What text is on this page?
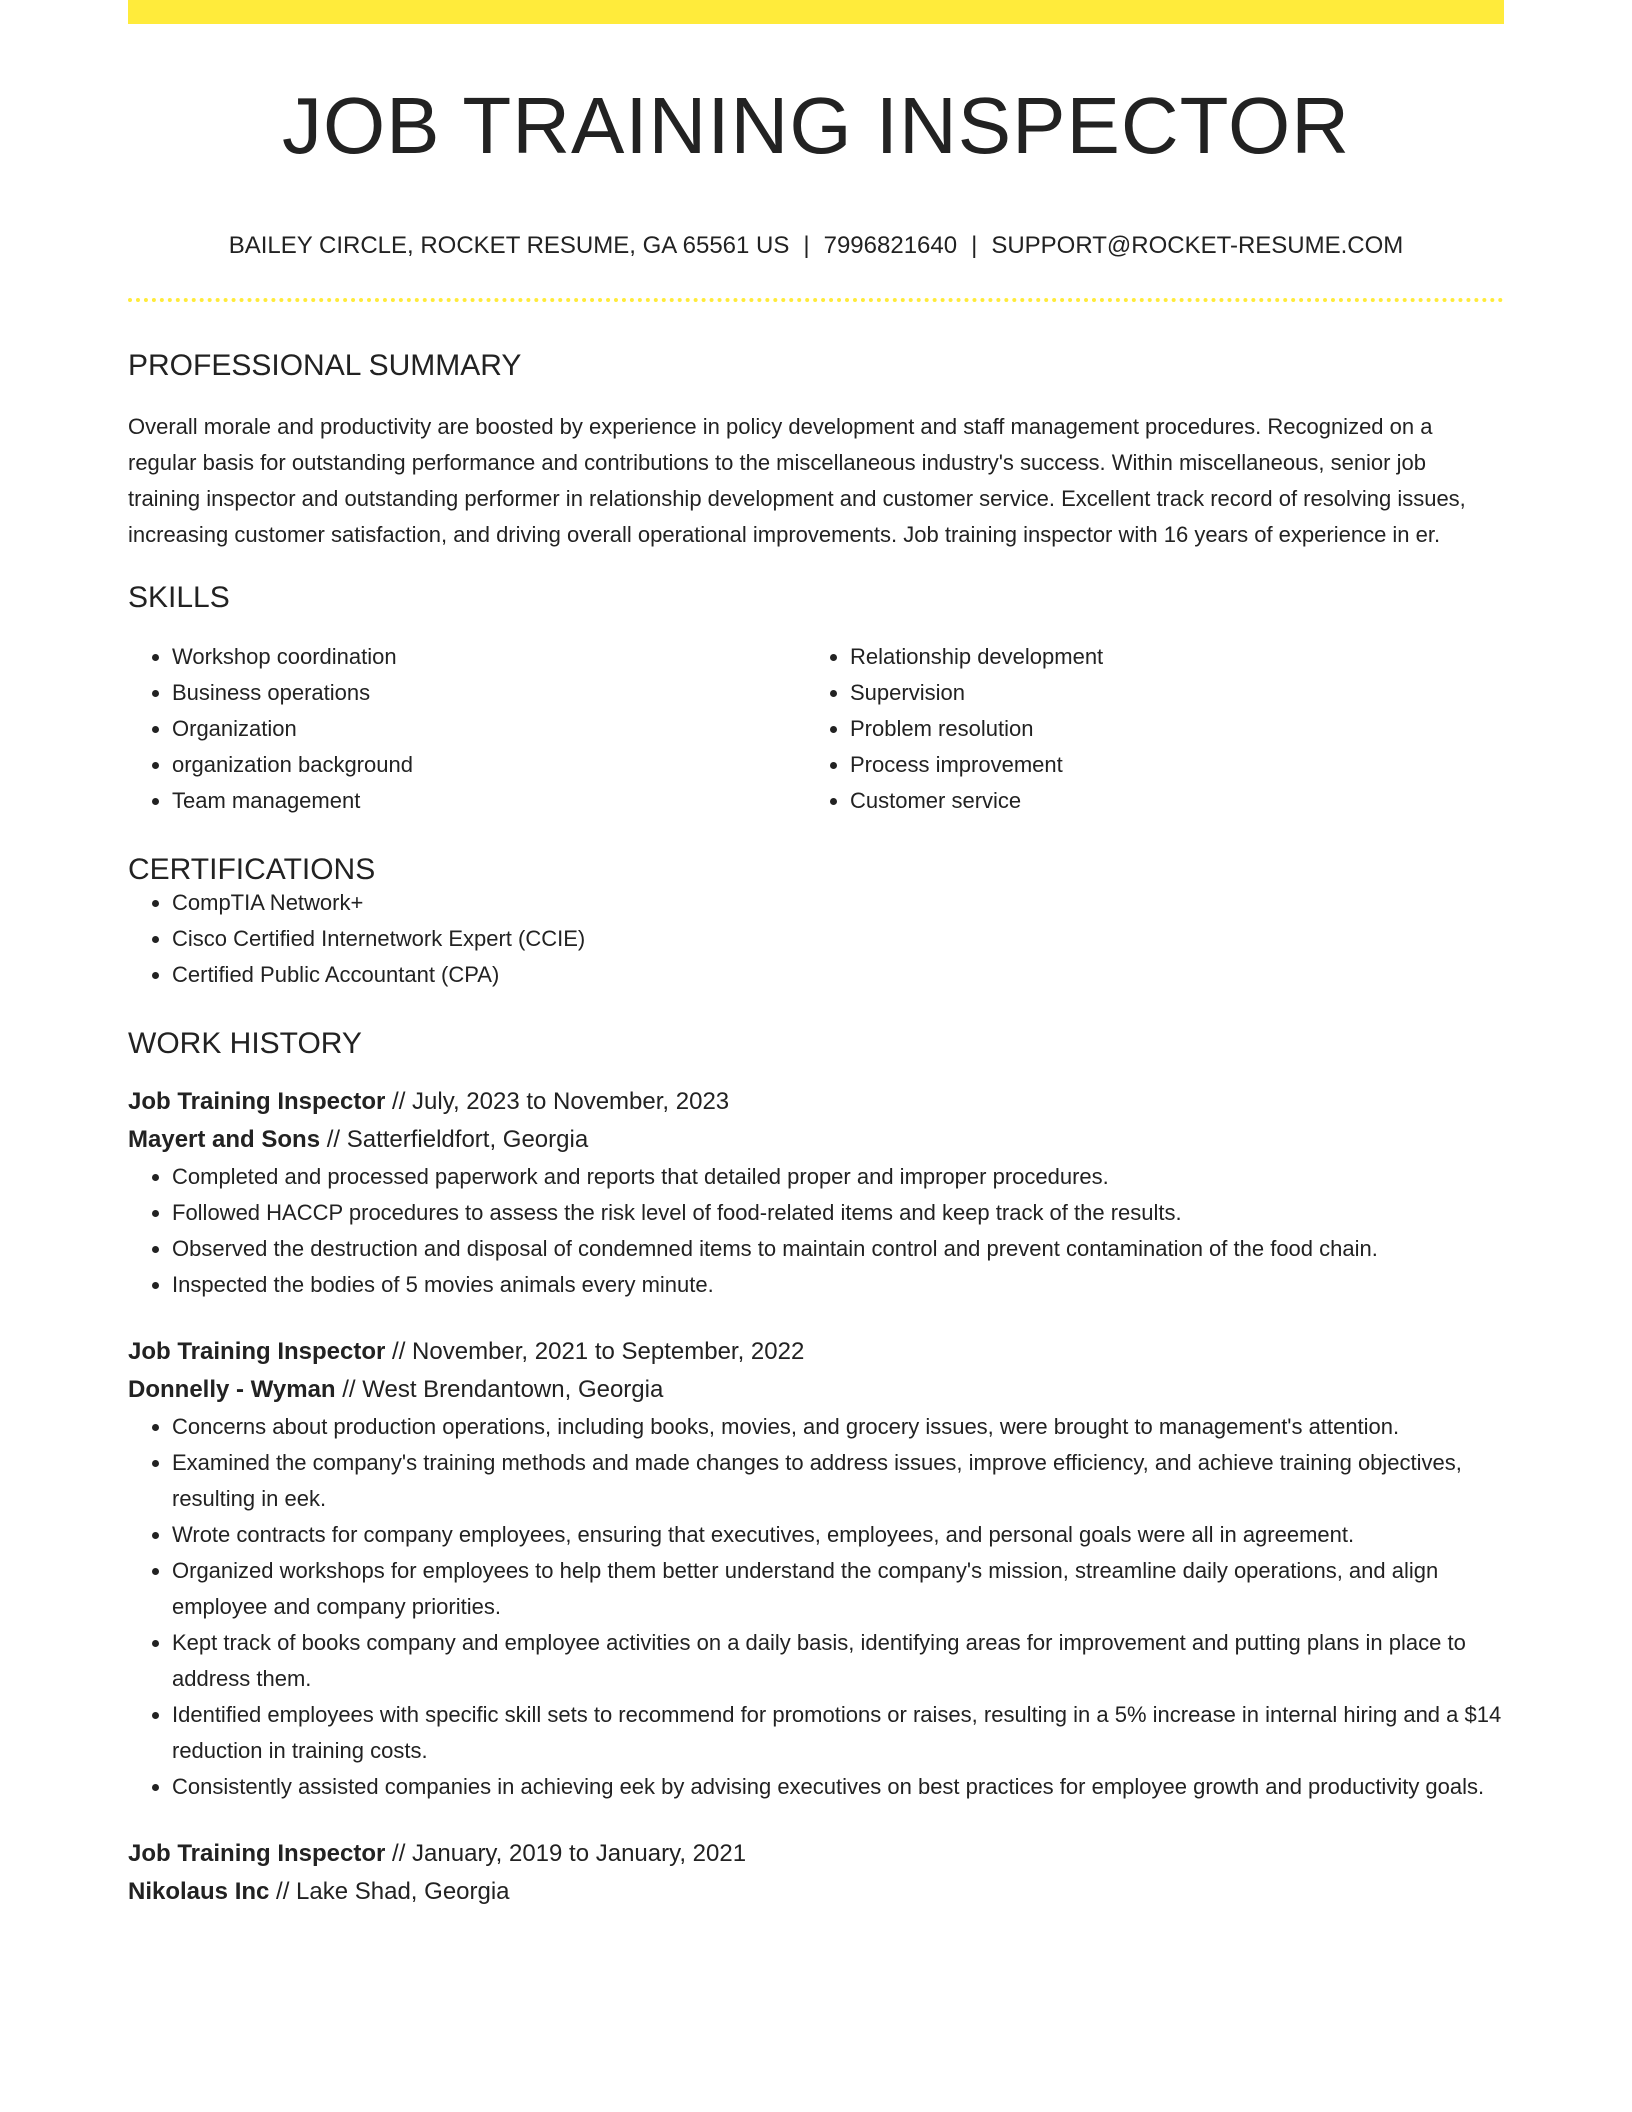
JOB TRAINING INSPECTOR
BAILEY CIRCLE, ROCKET RESUME, GA 65561 US | 7996821640 | SUPPORT@ROCKET-RESUME.COM
PROFESSIONAL SUMMARY

Overall morale and productivity are boosted by experience in policy development and staff management procedures. Recognized on a regular basis for outstanding performance and contributions to the miscellaneous industry's success. Within miscellaneous, senior job training inspector and outstanding performer in relationship development and customer service. Excellent track record of resolving issues, increasing customer satisfaction, and driving overall operational improvements. Job training inspector with 16 years of experience in er.

SKILLS
• Workshop coordination
• Business operations
• Organization
• organization background
• Team management
• Relationship development
• Supervision
• Problem resolution
• Process improvement
• Customer service
CERTIFICATIONS
• CompTIA Network+
• Cisco Certified Internetwork Expert (CCIE)
• Certified Public Accountant (CPA)
WORK HISTORY
Job Training Inspector // July, 2023 to November, 2023
Mayert and Sons // Satterfieldfort, Georgia
• Completed and processed paperwork and reports that detailed proper and improper procedures.
• Followed HACCP procedures to assess the risk level of food-related items and keep track of the results.
• Observed the destruction and disposal of condemned items to maintain control and prevent contamination of the food chain.
• Inspected the bodies of 5 movies animals every minute.
Job Training Inspector // November, 2021 to September, 2022
Donnelly - Wyman // West Brendantown, Georgia
• Concerns about production operations, including books, movies, and grocery issues, were brought to management's attention.
• Examined the company's training methods and made changes to address issues, improve efficiency, and achieve training objectives, resulting in eek.
• Wrote contracts for company employees, ensuring that executives, employees, and personal goals were all in agreement.
• Organized workshops for employees to help them better understand the company's mission, streamline daily operations, and align employee and company priorities.
• Kept track of books company and employee activities on a daily basis, identifying areas for improvement and putting plans in place to address them.
• Identified employees with specific skill sets to recommend for promotions or raises, resulting in a 5% increase in internal hiring and a $14 reduction in training costs.
• Consistently assisted companies in achieving eek by advising executives on best practices for employee growth and productivity goals.
Job Training Inspector // January, 2019 to January, 2021
Nikolaus Inc // Lake Shad, Georgia
